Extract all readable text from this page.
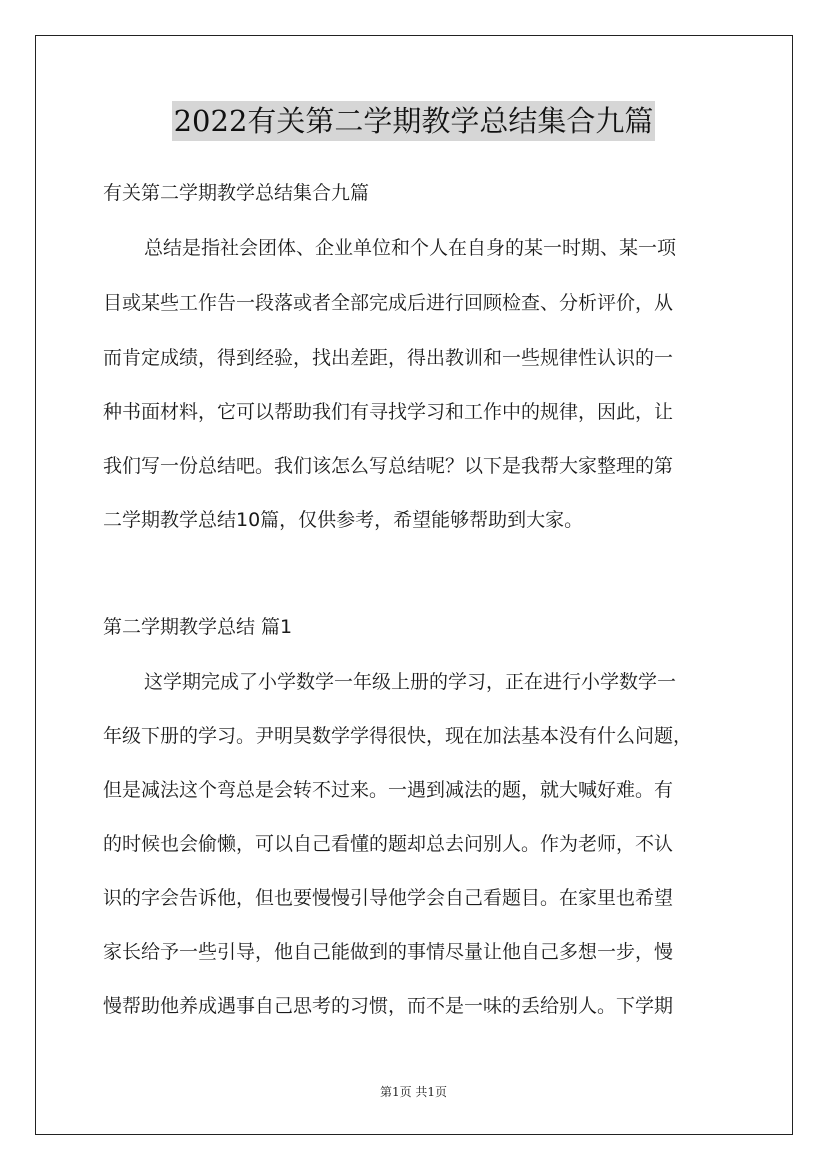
2022有关第二学期教学总结集合九篇
有关第二学期教学总结集合九篇
总结是指社会团体、企业单位和个人在自身的某一时期、某一项
目或某些工作告一段落或者全部完成后进行回顾检查、分析评价，从
而肯定成绩，得到经验，找出差距，得出教训和一些规律性认识的一
种书面材料，它可以帮助我们有寻找学习和工作中的规律，因此，让
我们写一份总结吧。我们该怎么写总结呢？以下是我帮大家整理的第
二学期教学总结10篇，仅供参考，希望能够帮助到大家。
第二学期教学总结 篇1
这学期完成了小学数学一年级上册的学习，正在进行小学数学一
年级下册的学习。尹明昊数学学得很快，现在加法基本没有什么问题，
但是减法这个弯总是会转不过来。一遇到减法的题，就大喊好难。有
的时候也会偷懒，可以自己看懂的题却总去问别人。作为老师，不认
识的字会告诉他，但也要慢慢引导他学会自己看题目。在家里也希望
家长给予一些引导，他自己能做到的事情尽量让他自己多想一步，慢
慢帮助他养成遇事自己思考的习惯，而不是一味的丢给别人。下学期
第1页 共1页
